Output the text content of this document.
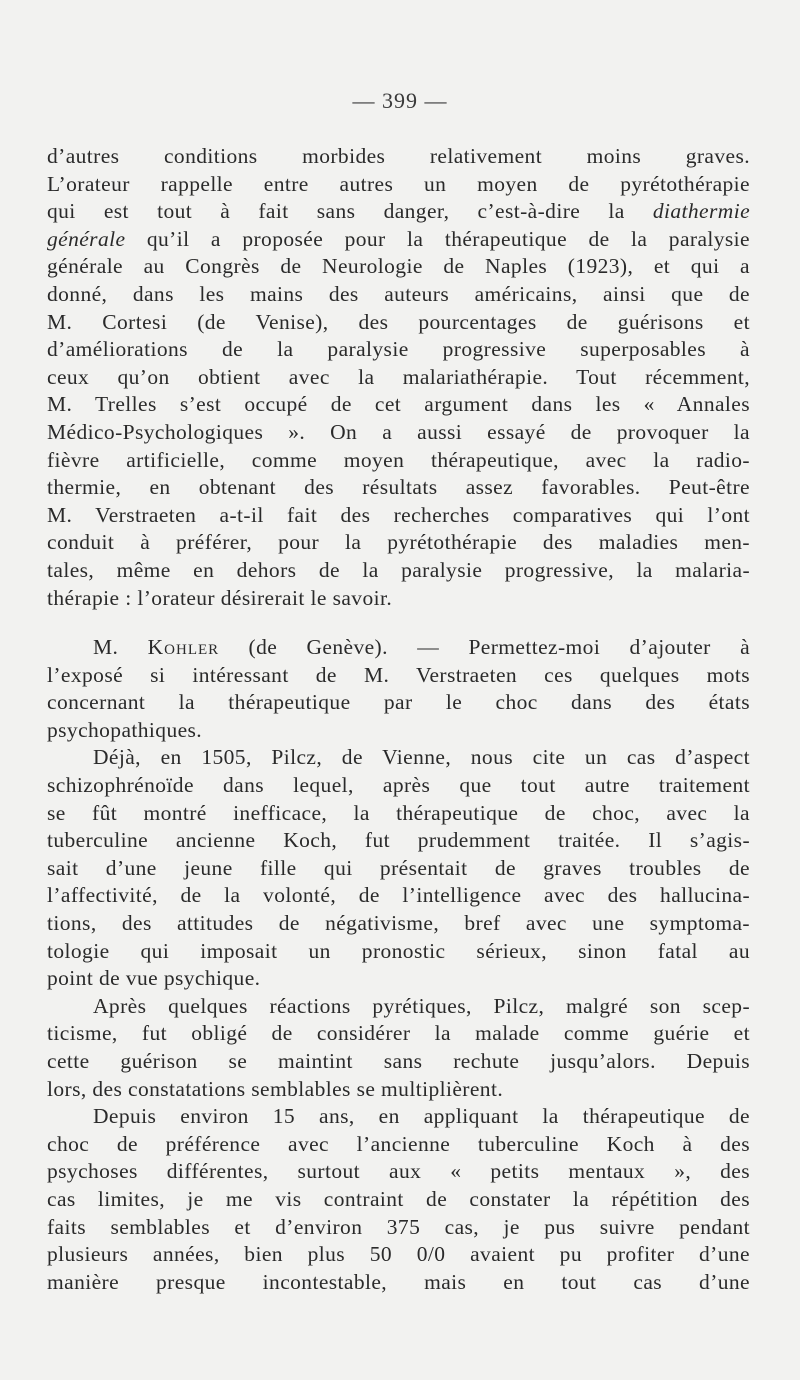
— 399 —
d’autres conditions morbides relativement moins graves.
L’orateur rappelle entre autres un moyen de pyrétothérapie
qui est tout à fait sans danger, c’est-à-dire la diathermie
générale qu’il a proposée pour la thérapeutique de la paralysie
générale au Congrès de Neurologie de Naples (1923), et qui a
donné, dans les mains des auteurs américains, ainsi que de
M. Cortesi (de Venise), des pourcentages de guérisons et
d’améliorations de la paralysie progressive superposables à
ceux qu’on obtient avec la malariathérapie. Tout récemment,
M. Trelles s’est occupé de cet argument dans les « Annales
Médico-Psychologiques ». On a aussi essayé de provoquer la
fièvre artificielle, comme moyen thérapeutique, avec la radio-
thermie, en obtenant des résultats assez favorables. Peut-être
M. Verstraeten a-t-il fait des recherches comparatives qui l’ont
conduit à préférer, pour la pyrétothérapie des maladies men-
tales, même en dehors de la paralysie progressive, la malaria-
thérapie : l’orateur désirerait le savoir.
M. Kohler (de Genève). — Permettez-moi d’ajouter à
l’exposé si intéressant de M. Verstraeten ces quelques mots
concernant la thérapeutique par le choc dans des états
psychopathiques.
Déjà, en 1505, Pilcz, de Vienne, nous cite un cas d’aspect
schizophrénoïde dans lequel, après que tout autre traitement
se fût montré inefficace, la thérapeutique de choc, avec la
tuberculine ancienne Koch, fut prudemment traitée. Il s’agis-
sait d’une jeune fille qui présentait de graves troubles de
l’affectivité, de la volonté, de l’intelligence avec des hallucina-
tions, des attitudes de négativisme, bref avec une symptoma-
tologie qui imposait un pronostic sérieux, sinon fatal au
point de vue psychique.
Après quelques réactions pyrétiques, Pilcz, malgré son scep-
ticisme, fut obligé de considérer la malade comme guérie et
cette guérison se maintint sans rechute jusqu’alors. Depuis
lors, des constatations semblables se multiplièrent.
Depuis environ 15 ans, en appliquant la thérapeutique de
choc de préférence avec l’ancienne tuberculine Koch à des
psychoses différentes, surtout aux « petits mentaux », des
cas limites, je me vis contraint de constater la répétition des
faits semblables et d’environ 375 cas, je pus suivre pendant
plusieurs années, bien plus 50 0/0 avaient pu profiter d’une
manière presque incontestable, mais en tout cas d’une
